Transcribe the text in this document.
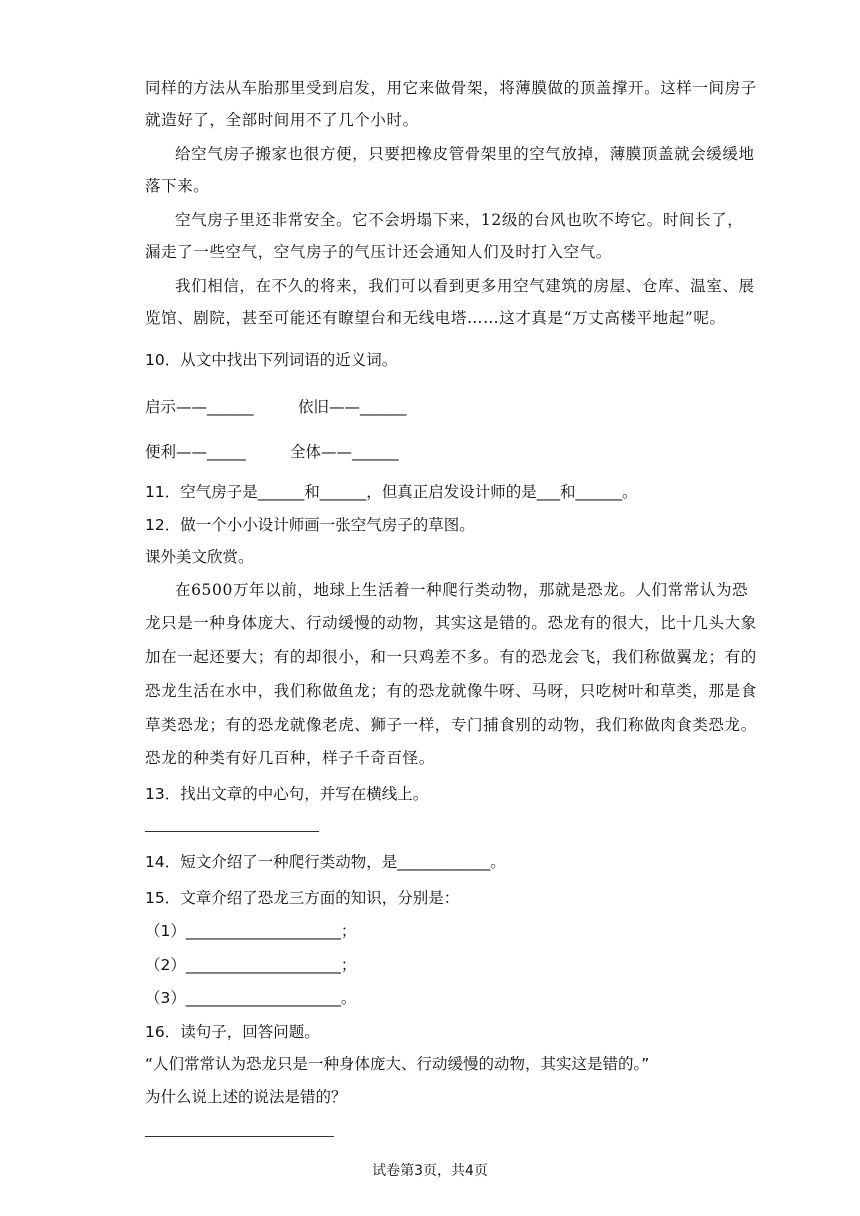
同样的方法从车胎那里受到启发，用它来做骨架，将薄膜做的顶盖撑开。这样一间房子
就造好了，全部时间用不了几个小时。
给空气房子搬家也很方便，只要把橡皮管骨架里的空气放掉，薄膜顶盖就会缓缓地
落下来。
空气房子里还非常安全。它不会坍塌下来，12级的台风也吹不垮它。时间长了，
漏走了一些空气，空气房子的气压计还会通知人们及时打入空气。
我们相信，在不久的将来，我们可以看到更多用空气建筑的房屋、仓库、温室、展
览馆、剧院，甚至可能还有瞭望台和无线电塔……这才真是“万丈高楼平地起”呢。
10．从文中找出下列词语的近义词。
启示——______	依旧——______
便利——_____	全体——______
11．空气房子是______和______，但真正启发设计师的是___和______。
12．做一个小小设计师画一张空气房子的草图。
课外美文欣赏。
在6500万年以前，地球上生活着一种爬行类动物，那就是恐龙。人们常常认为恐
龙只是一种身体庞大、行动缓慢的动物，其实这是错的。恐龙有的很大，比十几头大象
加在一起还要大；有的却很小，和一只鸡差不多。有的恐龙会飞，我们称做翼龙；有的
恐龙生活在水中，我们称做鱼龙；有的恐龙就像牛呀、马呀，只吃树叶和草类，那是食
草类恐龙；有的恐龙就像老虎、狮子一样，专门捕食别的动物，我们称做肉食类恐龙。
恐龙的种类有好几百种，样子千奇百怪。
13．找出文章的中心句，并写在横线上。
14．短文介绍了一种爬行类动物，是____________。
15．文章介绍了恐龙三方面的知识，分别是：
（1）____________________；
（2）____________________；
（3）____________________。
16．读句子，回答问题。
“人们常常认为恐龙只是一种身体庞大、行动缓慢的动物，其实这是错的。”
为什么说上述的说法是错的？
试卷第3页，共4页
